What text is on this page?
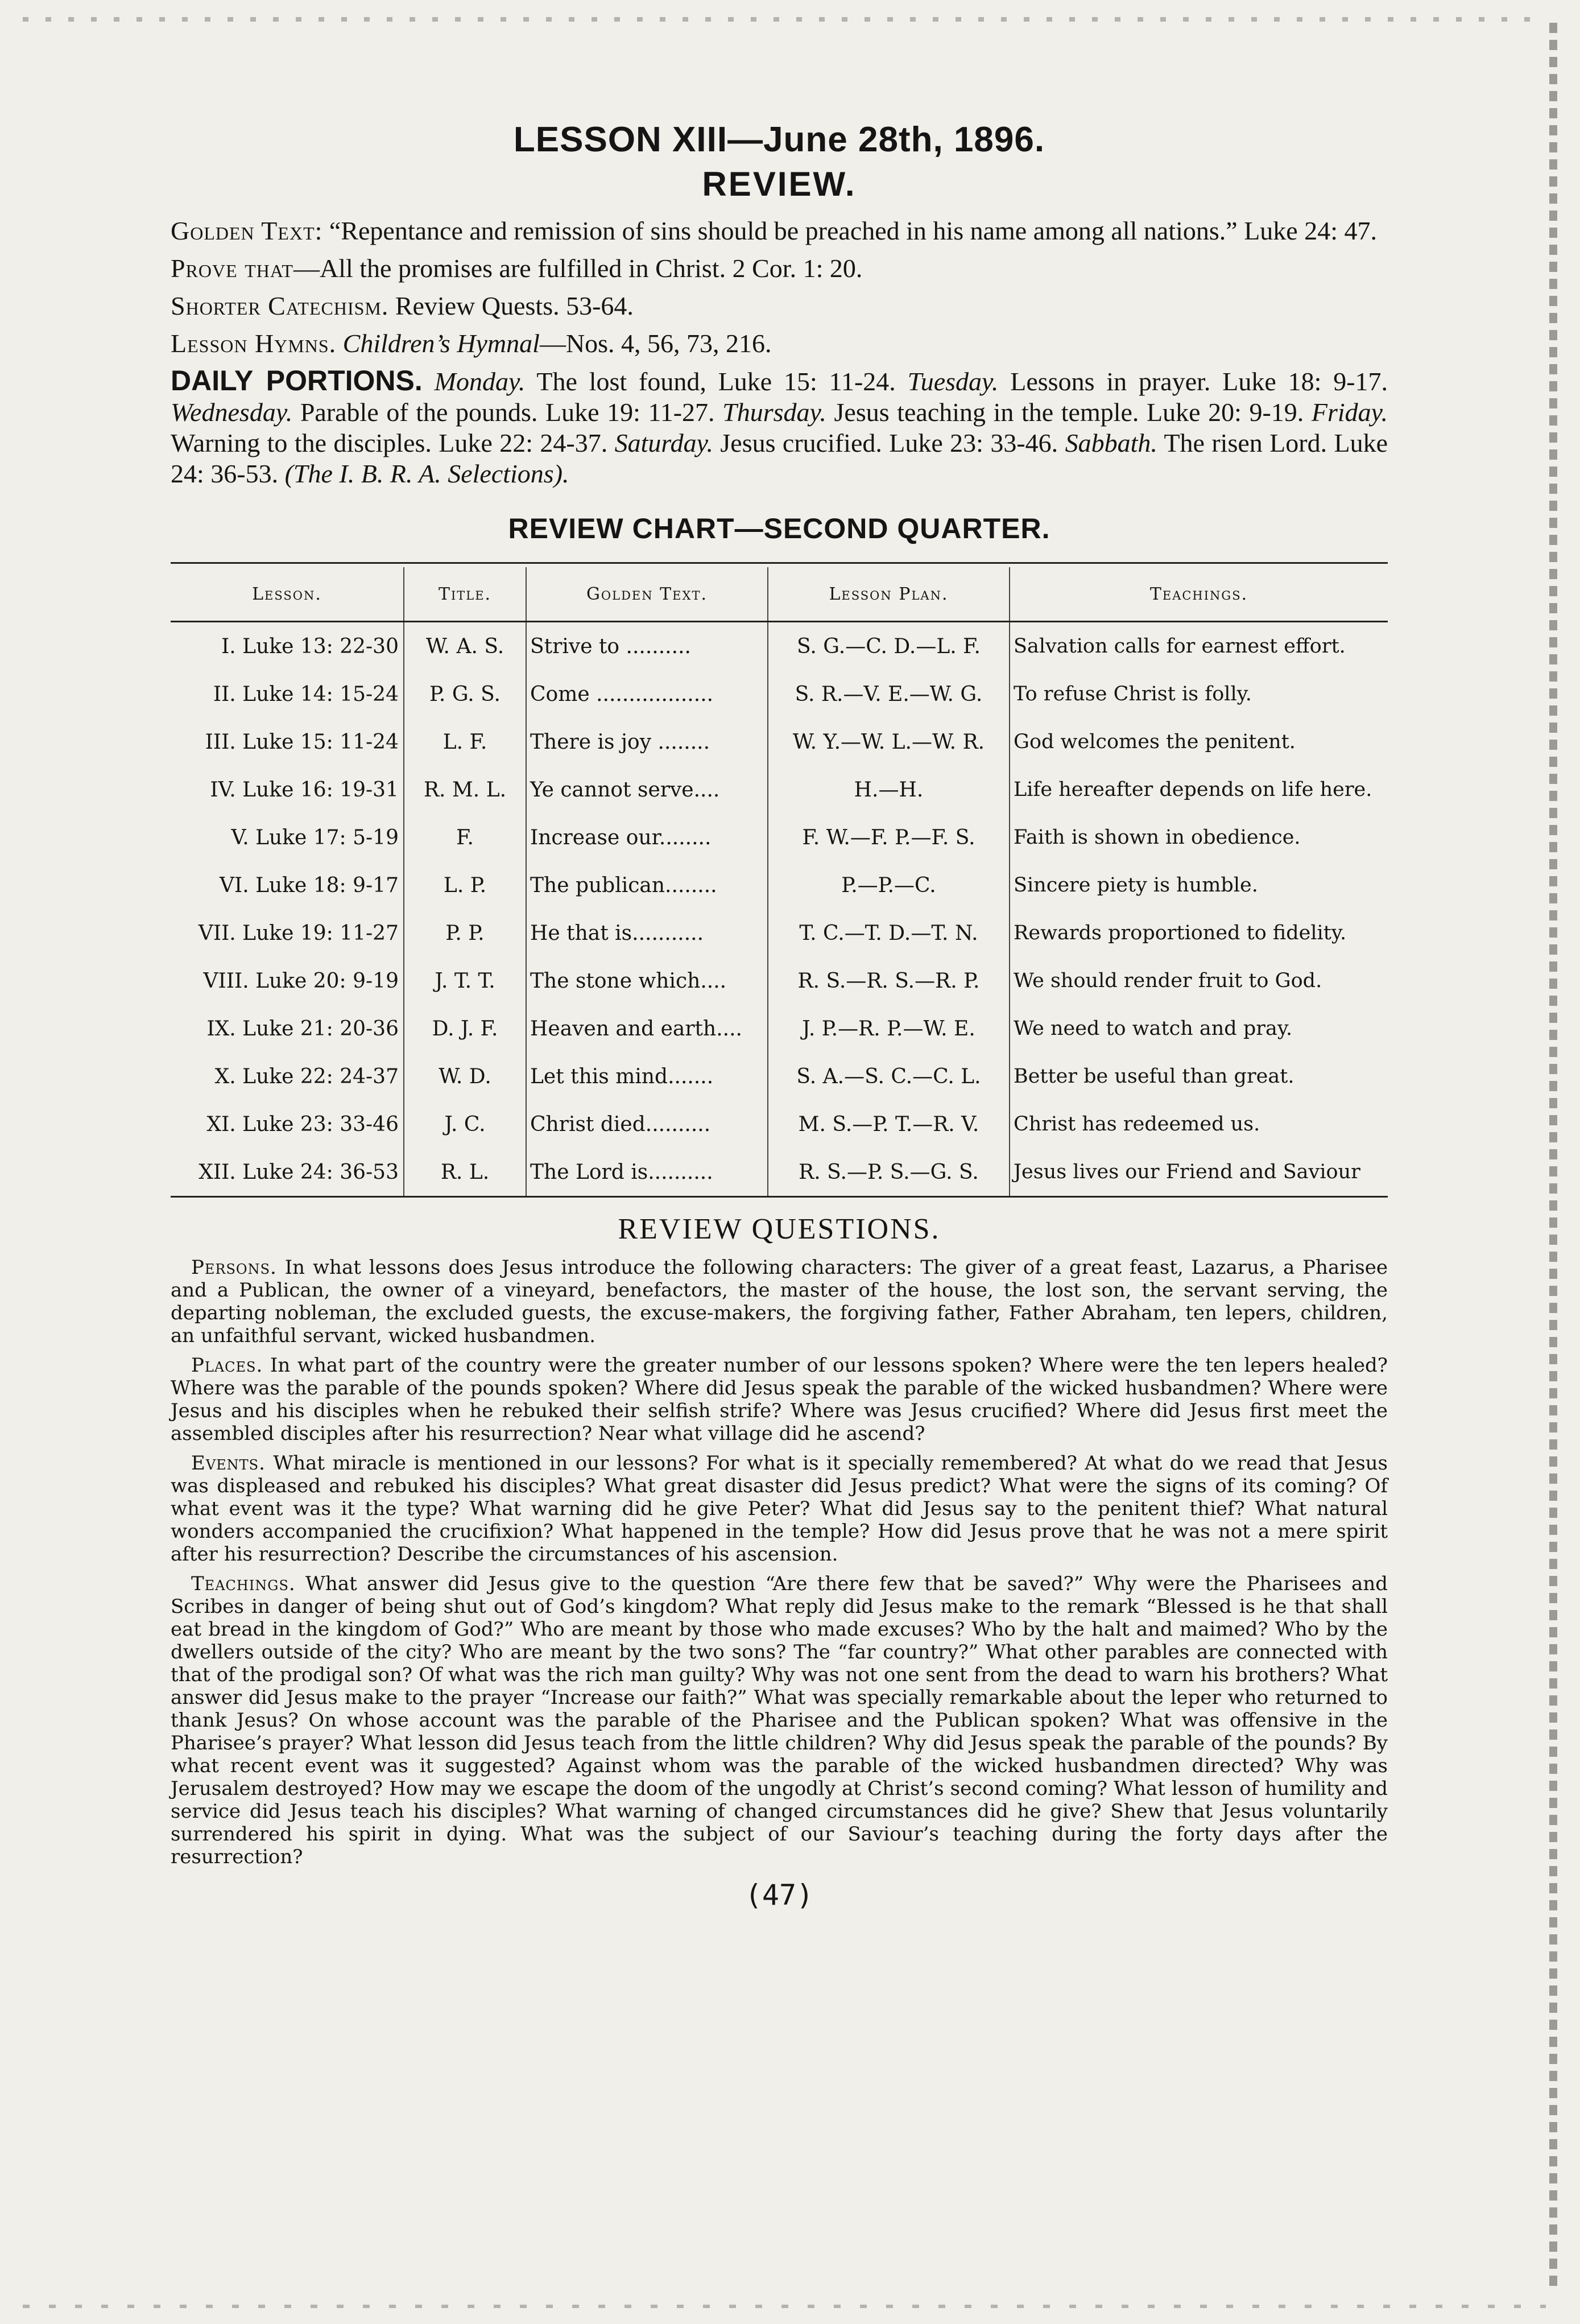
LESSON XIII—June 28th, 1896.
REVIEW.

Golden Text: “Repentance and remission of sins should be preached in his name among all nations.” Luke 24: 47.

Prove that—All the promises are fulfilled in Christ. 2 Cor. 1: 20.

Shorter Catechism. Review Quests. 53-64.

Lesson Hymns. Children’s Hymnal—Nos. 4, 56, 73, 216.

DAILY PORTIONS. Monday. The lost found, Luke 15: 11-24. Tuesday. Lessons in prayer. Luke 18: 9-17. Wednesday. Parable of the pounds. Luke 19: 11-27. Thursday. Jesus teaching in the temple. Luke 20: 9-19. Friday. Warning to the disciples. Luke 22: 24-37. Saturday. Jesus crucified. Luke 23: 33-46. Sabbath. The risen Lord. Luke 24: 36-53. (The I. B. R. A. Selections).

REVIEW CHART—SECOND QUARTER.
Lesson.	Title.	Golden Text.	Lesson Plan.	Teachings.
I. Luke 13: 22-30	W. A. S.	Strive to ..........	S. G.—C. D.—L. F.	Salvation calls for earnest effort.
II. Luke 14: 15-24	P. G. S.	Come ..................	S. R.—V. E.—W. G.	To refuse Christ is folly.
III. Luke 15: 11-24	L. F.	There is joy ........	W. Y.—W. L.—W. R.	God welcomes the penitent.
IV. Luke 16: 19-31	R. M. L.	Ye cannot serve....	H.—H.	Life hereafter depends on life here.
V. Luke 17: 5-19	F.	Increase our........	F. W.—F. P.—F. S.	Faith is shown in obedience.
VI. Luke 18: 9-17	L. P.	The publican........	P.—P.—C.	Sincere piety is humble.
VII. Luke 19: 11-27	P. P.	He that is...........	T. C.—T. D.—T. N.	Rewards proportioned to fidelity.
VIII. Luke 20: 9-19	J. T. T.	The stone which....	R. S.—R. S.—R. P.	We should render fruit to God.
IX. Luke 21: 20-36	D. J. F.	Heaven and earth....	J. P.—R. P.—W. E.	We need to watch and pray.
X. Luke 22: 24-37	W. D.	Let this mind.......	S. A.—S. C.—C. L.	Better be useful than great.
XI. Luke 23: 33-46	J. C.	Christ died..........	M. S.—P. T.—R. V.	Christ has redeemed us.
XII. Luke 24: 36-53	R. L.	The Lord is..........	R. S.—P. S.—G. S.	Jesus lives our Friend and Saviour
REVIEW QUESTIONS.

Persons. In what lessons does Jesus introduce the following characters: The giver of a great feast, Lazarus, a Pharisee and a Publican, the owner of a vineyard, benefactors, the master of the house, the lost son, the servant serving, the departing nobleman, the excluded guests, the excuse-makers, the forgiving father, Father Abraham, ten lepers, children, an unfaithful servant, wicked husbandmen.

Places. In what part of the country were the greater number of our lessons spoken? Where were the ten lepers healed? Where was the parable of the pounds spoken? Where did Jesus speak the parable of the wicked husbandmen? Where were Jesus and his disciples when he rebuked their selfish strife? Where was Jesus crucified? Where did Jesus first meet the assembled disciples after his resurrection? Near what village did he ascend?

Events. What miracle is mentioned in our lessons? For what is it specially remembered? At what do we read that Jesus was displeased and rebuked his disciples? What great disaster did Jesus predict? What were the signs of its coming? Of what event was it the type? What warning did he give Peter? What did Jesus say to the penitent thief? What natural wonders accompanied the crucifixion? What happened in the temple? How did Jesus prove that he was not a mere spirit after his resurrection? Describe the circumstances of his ascension.

Teachings. What answer did Jesus give to the question “Are there few that be saved?” Why were the Pharisees and Scribes in danger of being shut out of God’s kingdom? What reply did Jesus make to the remark “Blessed is he that shall eat bread in the kingdom of God?” Who are meant by those who made excuses? Who by the halt and maimed? Who by the dwellers outside of the city? Who are meant by the two sons? The “far country?” What other parables are connected with that of the prodigal son? Of what was the rich man guilty? Why was not one sent from the dead to warn his brothers? What answer did Jesus make to the prayer “Increase our faith?” What was specially remarkable about the leper who returned to thank Jesus? On whose account was the parable of the Pharisee and the Publican spoken? What was offensive in the Pharisee’s prayer? What lesson did Jesus teach from the little children? Why did Jesus speak the parable of the pounds? By what recent event was it suggested? Against whom was the parable of the wicked husbandmen directed? Why was Jerusalem destroyed? How may we escape the doom of the ungodly at Christ’s second coming? What lesson of humility and service did Jesus teach his disciples? What warning of changed circumstances did he give? Shew that Jesus voluntarily surrendered his spirit in dying. What was the subject of our Saviour’s teaching during the forty days after the resurrection?

(47)
